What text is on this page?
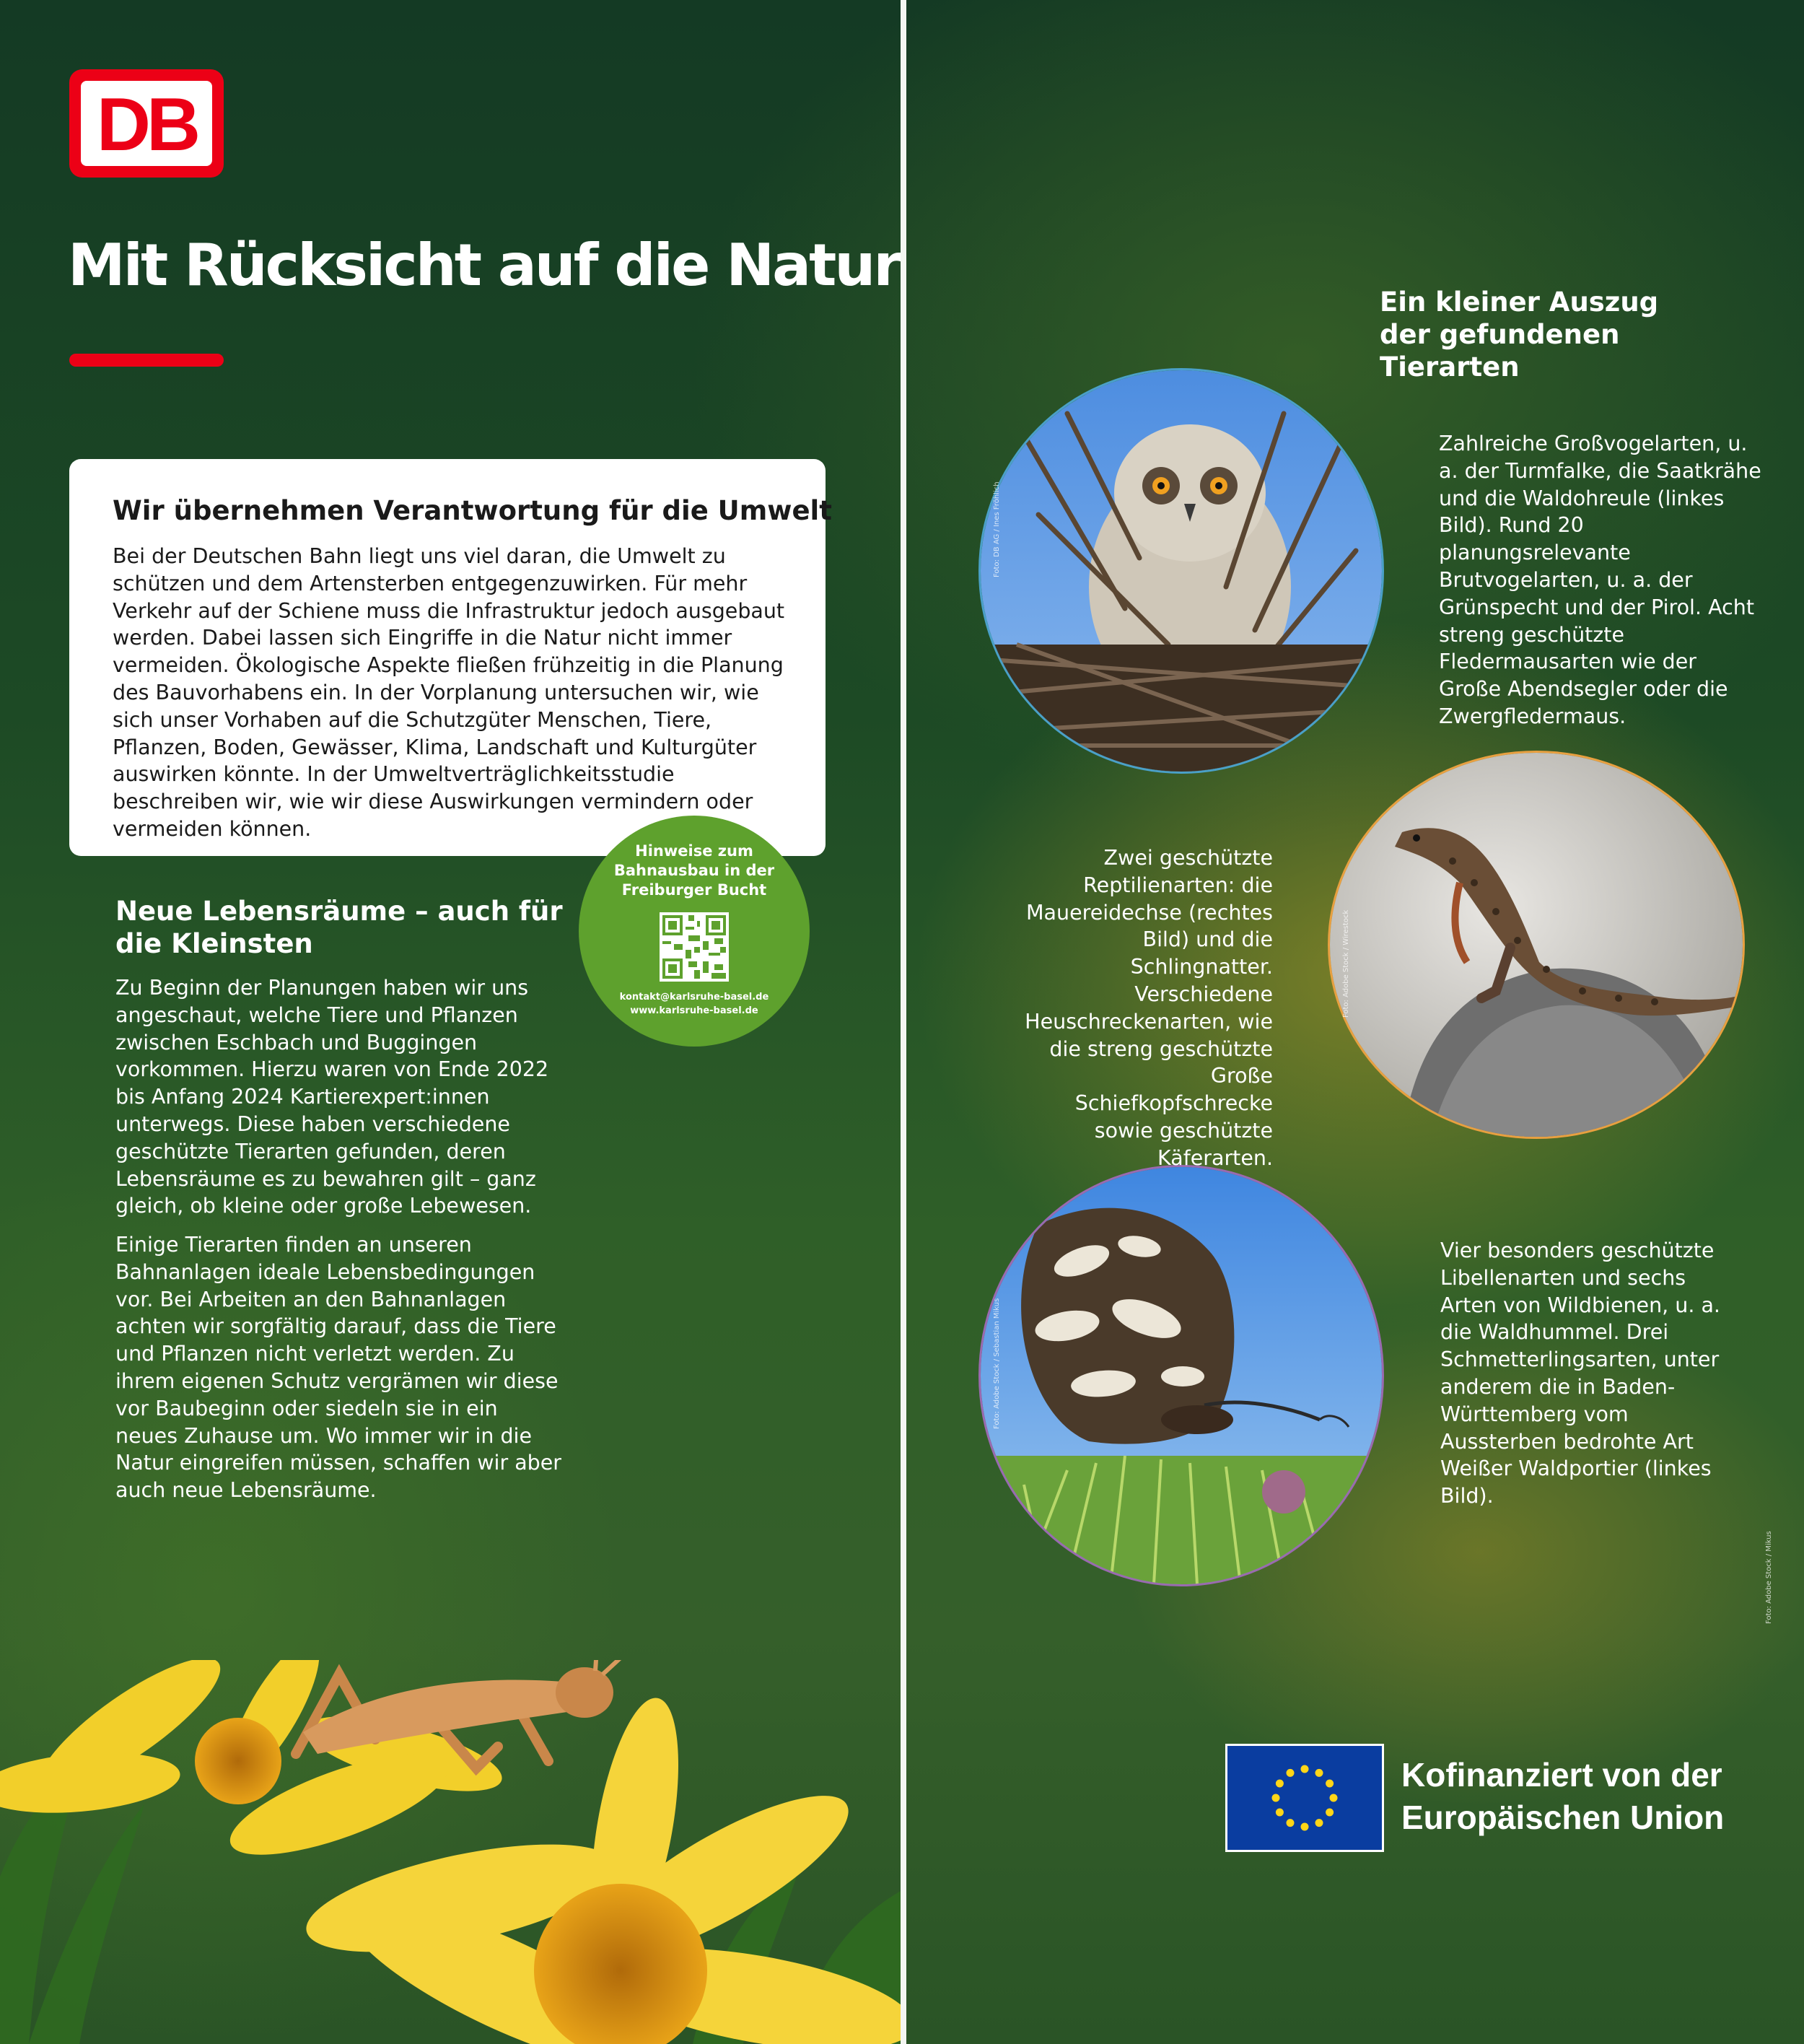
DB
Mit Rücksicht auf die Natur
Wir übernehmen Verantwortung für die Umwelt

Bei der Deutschen Bahn liegt uns viel daran, die Umwelt zu schützen und dem Artensterben entgegenzuwirken. Für mehr Verkehr auf der Schiene muss die Infrastruktur jedoch ausgebaut werden. Dabei lassen sich Eingriffe in die Natur nicht immer vermeiden. Ökologische Aspekte fließen frühzeitig in die Planung des Bauvorhabens ein. In der Vorplanung untersuchen wir, wie sich unser Vorhaben auf die Schutzgüter Menschen, Tiere, Pflanzen, Boden, Gewässer, Klima, Landschaft und Kulturgüter auswirken könnte. In der Umweltverträglichkeitsstudie beschreiben wir, wie wir diese Auswirkungen vermindern oder vermeiden können.

Hinweise zum Bahnausbau in der Freiburger Bucht
kontakt@karlsruhe-basel.de
www.karlsruhe-basel.de
Neue Lebensräume – auch für die Kleinsten

Zu Beginn der Planungen haben wir uns angeschaut, welche Tiere und Pflanzen zwischen Eschbach und Buggingen vorkommen. Hierzu waren von Ende 2022 bis Anfang 2024 Kartierexpert:innen unterwegs. Diese haben verschiedene geschützte Tierarten gefunden, deren Lebensräume es zu bewahren gilt – ganz gleich, ob kleine oder große Lebewesen.

Einige Tierarten finden an unseren Bahnanlagen ideale Lebensbedingungen vor. Bei Arbeiten an den Bahnanlagen achten wir sorgfältig darauf, dass die Tiere und Pflanzen nicht verletzt werden. Zu ihrem eigenen Schutz vergrämen wir diese vor Baubeginn oder siedeln sie in ein neues Zuhause um. Wo immer wir in die Natur eingreifen müssen, schaffen wir aber auch neue Lebensräume.

Ein kleiner Auszug der gefundenen Tierarten
Foto: DB AG / Ines Fröhlich
Foto: Adobe Stock / Wirestock
Foto: Adobe Stock / Sebastian Mikus

Zahlreiche Großvogelarten, u. a. der Turmfalke, die Saatkrähe und die Waldohreule (linkes Bild). Rund 20 planungsrelevante Brutvogelarten, u. a. der Grünspecht und der Pirol. Acht streng geschützte Fledermausarten wie der Große Abendsegler oder die Zwergfledermaus.

Zwei geschützte Reptilienarten: die Mauereidechse (rechtes Bild) und die Schlingnatter. Verschiedene Heuschreckenarten, wie die streng geschützte Große Schiefkopfschrecke sowie geschützte Käferarten.

Vier besonders geschützte Libellenarten und sechs Arten von Wildbienen, u. a. die Waldhummel. Drei Schmetterlingsarten, unter anderem die in Baden-Württemberg vom Aussterben bedrohte Art Weißer Waldportier (linkes Bild).

Foto: Adobe Stock / Mikus

Kofinanziert von der
Europäischen Union
